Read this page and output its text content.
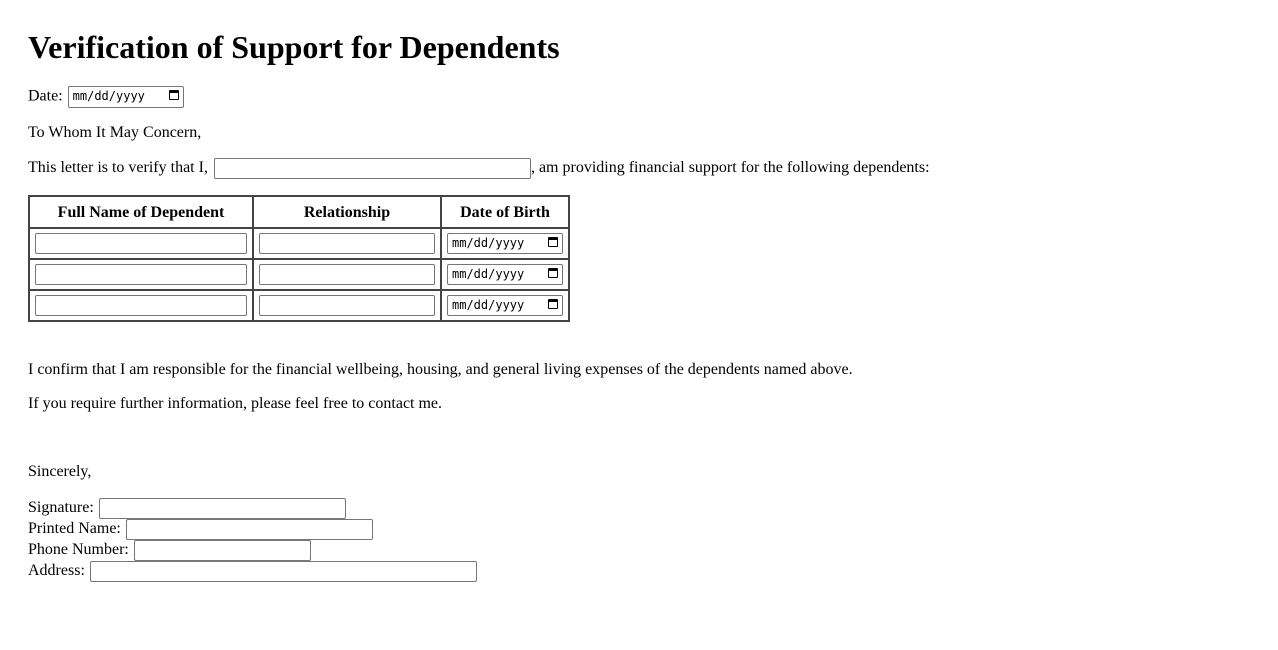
Verification of Support for Dependents
Date: mm/dd/yyyy
To Whom It May Concern,
This letter is to verify that I,	, am providing financial support for the following dependents:
Full Name of Dependent	Relationship	Date of Birth

		mm/dd/yyyy

		mm/dd/yyyy

		mm/dd/yyyy
I confirm that I am responsible for the financial wellbeing, housing, and general living expenses of the dependents named above.
If you require further information, please feel free to contact me.
Sincerely,
Signature:
Printed Name:
Phone Number:
Address:
